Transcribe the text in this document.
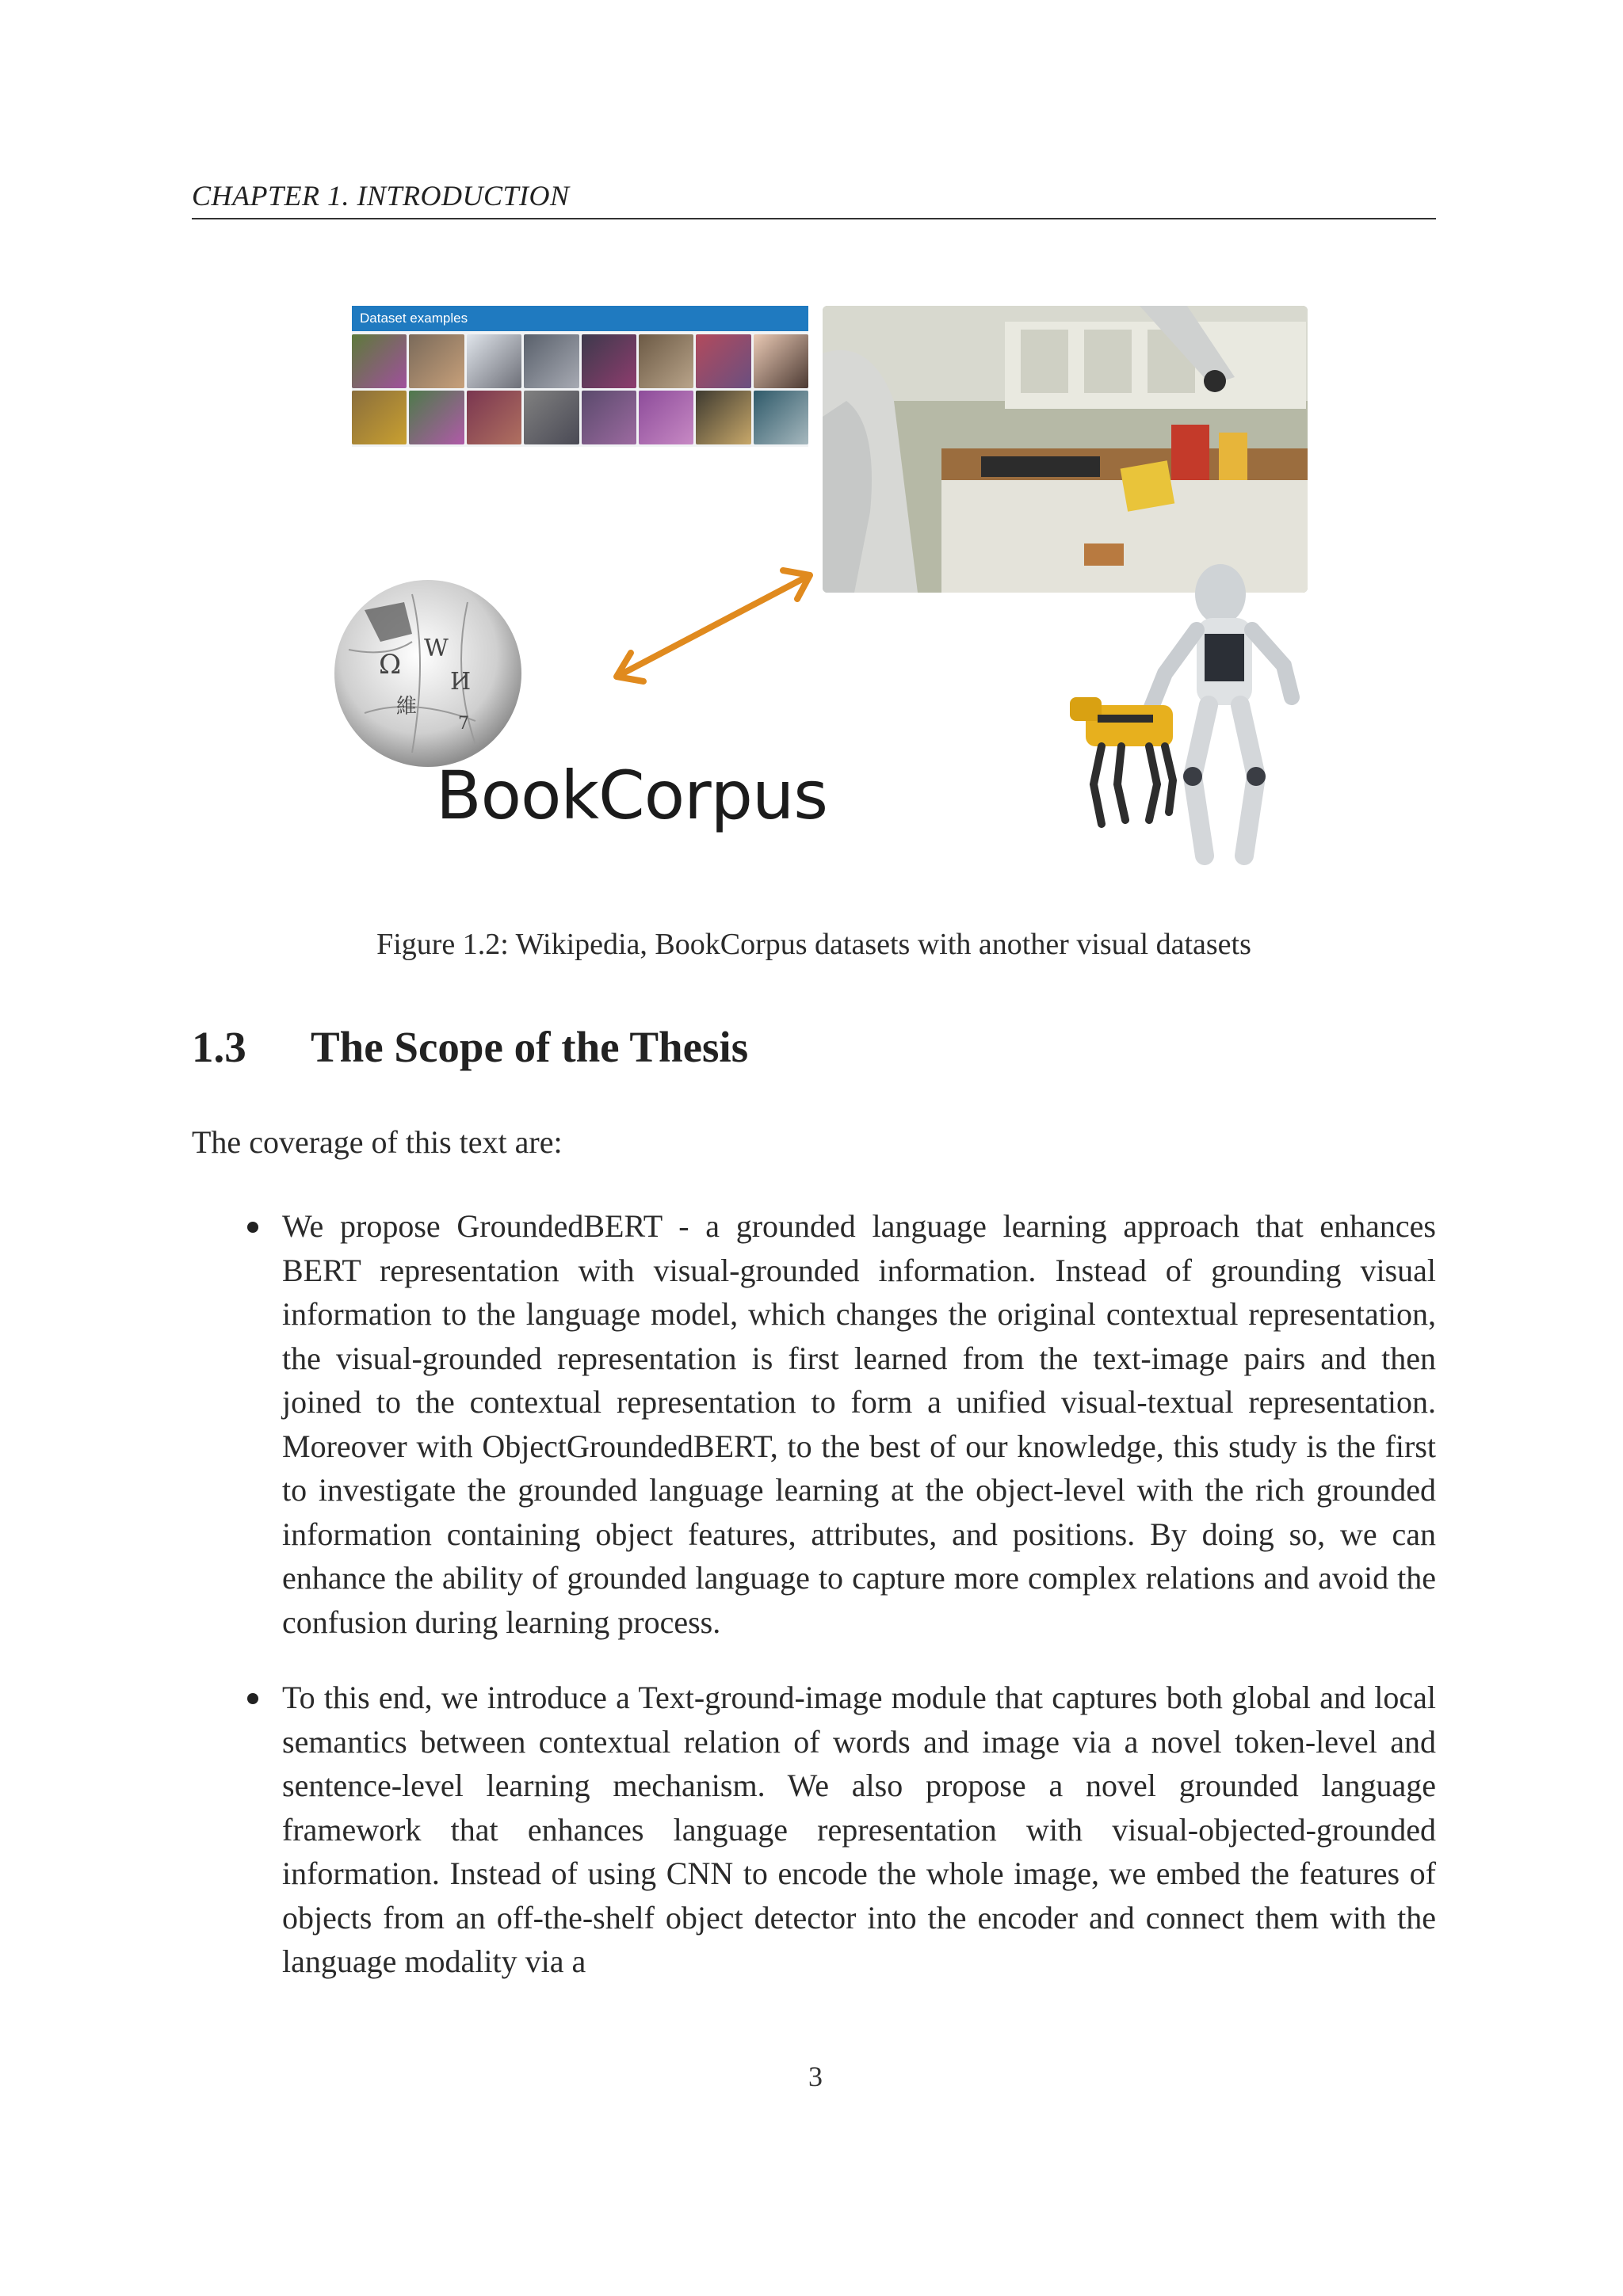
CHAPTER 1. INTRODUCTION
Dataset examples
Ω
W
И
維
7
BookCorpus
Figure 1.2: Wikipedia, BookCorpus datasets with another visual datasets
1.3 The Scope of the Thesis
The coverage of this text are:
We propose GroundedBERT - a grounded language learning approach that enhances BERT representation with visual-grounded information. Instead of grounding visual information to the language model, which changes the original contextual representation, the visual-grounded representation is first learned from the text-image pairs and then joined to the contextual representation to form a unified visual-textual representation. Moreover with ObjectGroundedBERT, to the best of our knowledge, this study is the first to investigate the grounded language learning at the object-level with the rich grounded information containing object features, attributes, and positions. By doing so, we can enhance the ability of grounded language to capture more complex relations and avoid the confusion during learning process.
To this end, we introduce a Text-ground-image module that captures both global and local semantics between contextual relation of words and image via a novel token-level and sentence-level learning mechanism. We also propose a novel grounded language framework that enhances language representation with visual-objected-grounded information. Instead of using CNN to encode the whole image, we embed the features of objects from an off-the-shelf object detector into the encoder and connect them with the language modality via a
3
